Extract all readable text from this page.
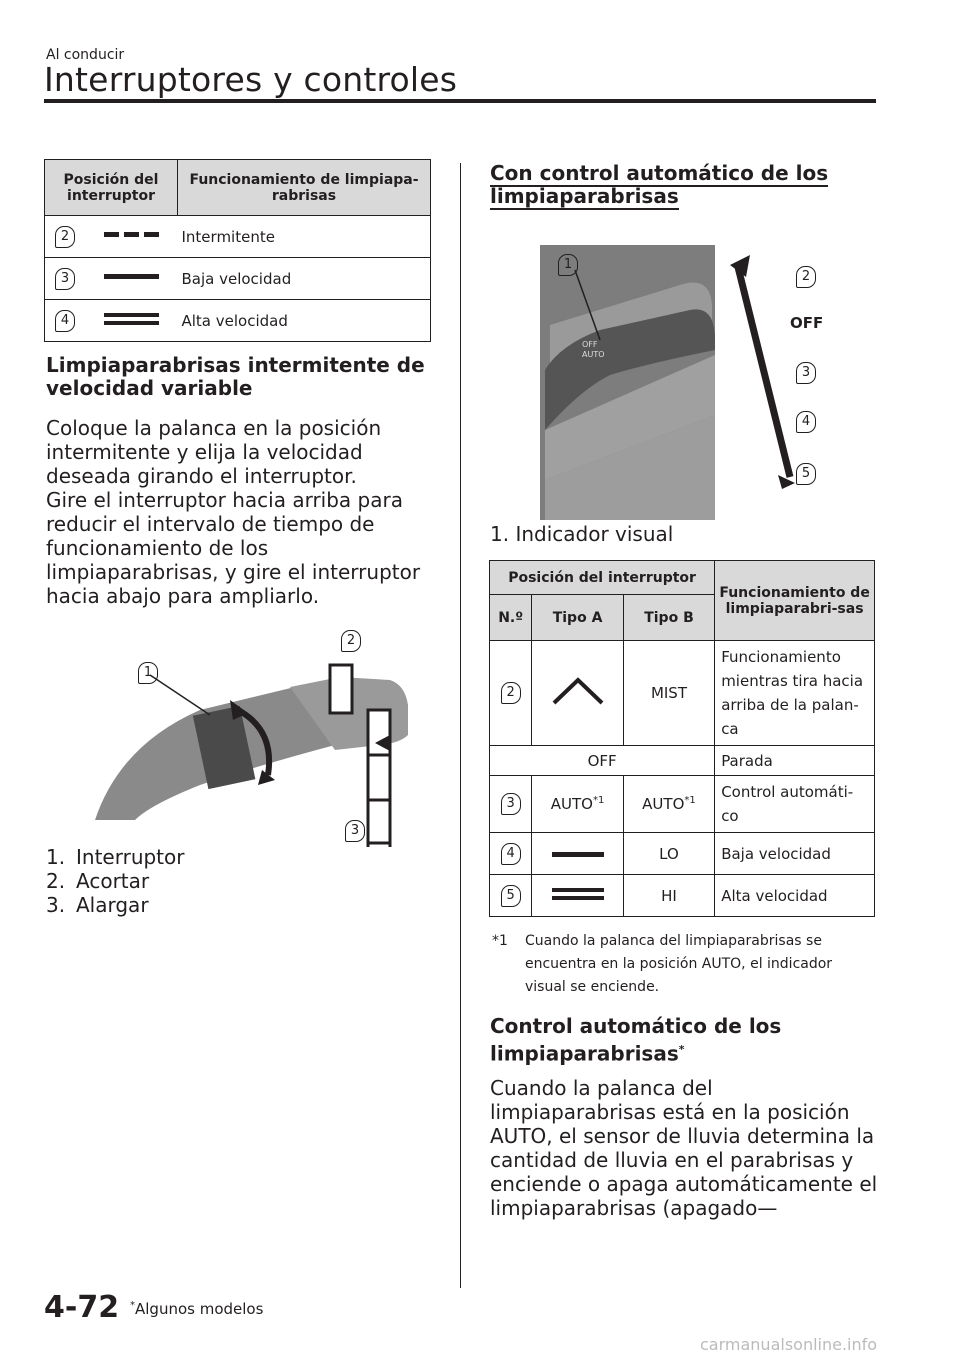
Al conducir
Interruptores y controles
Posición del interruptor	Funcionamiento de limpiapa-rabrisas
2	Intermitente
3	Baja velocidad
4	Alta velocidad
Limpiaparabrisas intermitente de
velocidad variable
Coloque la palanca en la posición
intermitente y elija la velocidad
deseada girando el interruptor.
Gire el interruptor hacia arriba para
reducir el intervalo de tiempo de
funcionamiento de los
limpiaparabrisas, y gire el interruptor
hacia abajo para ampliarlo.
1
2
3
1. Interruptor
2. Acortar
3. Alargar
Con control automático de los
limpiaparabrisas
1
2
OFF
3
4
5
OFF
AUTO
1. Indicador visual
Posición del interruptor			Funcionamiento de limpiaparabri-sas
N.º	Tipo A	Tipo B	
2		MIST	Funcionamiento mientras tira hacia arriba de la palan-ca
OFF			Parada
3	AUTO$^{*1}$	AUTO$^{*1}$	Control automáti-co
4		LO	Baja velocidad
5		HI	Alta velocidad
*1 Cuando la palanca del limpiaparabrisas se
encuentra en la posición AUTO, el indicador
visual se enciende.
Control automático de los
limpiaparabrisas*
Cuando la palanca del
limpiaparabrisas está en la posición
AUTO, el sensor de lluvia determina la
cantidad de lluvia en el parabrisas y
enciende o apaga automáticamente el
limpiaparabrisas (apagado—
4-72 *Algunos modelos
carmanualsonline.info
